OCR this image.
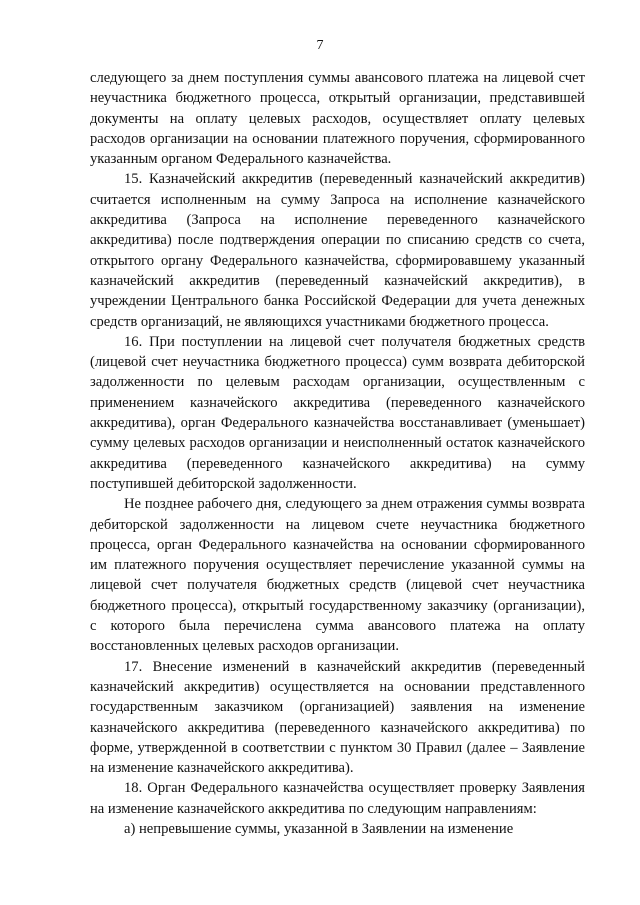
7

следующего за днем поступления суммы авансового платежа на лицевой счет неучастника бюджетного процесса, открытый организации, представившей документы на оплату целевых расходов, осуществляет оплату целевых расходов организации на основании платежного поручения, сформированного указанным органом Федерального казначейства.

15. Казначейский аккредитив (переведенный казначейский аккредитив) считается исполненным на сумму Запроса на исполнение казначейского аккредитива (Запроса на исполнение переведенного казначейского аккредитива) после подтверждения операции по списанию средств со счета, открытого органу Федерального казначейства, сформировавшему указанный казначейский аккредитив (переведенный казначейский аккредитив), в учреждении Центрального банка Российской Федерации для учета денежных средств организаций, не являющихся участниками бюджетного процесса.

16. При поступлении на лицевой счет получателя бюджетных средств (лицевой счет неучастника бюджетного процесса) сумм возврата дебиторской задолженности по целевым расходам организации, осуществленным с применением казначейского аккредитива (переведенного казначейского аккредитива), орган Федерального казначейства восстанавливает (уменьшает) сумму целевых расходов организации и неисполненный остаток казначейского аккредитива (переведенного казначейского аккредитива) на сумму поступившей дебиторской задолженности.

Не позднее рабочего дня, следующего за днем отражения суммы возврата дебиторской задолженности на лицевом счете неучастника бюджетного процесса, орган Федерального казначейства на основании сформированного им платежного поручения осуществляет перечисление указанной суммы на лицевой счет получателя бюджетных средств (лицевой счет неучастника бюджетного процесса), открытый государственному заказчику (организации), с которого была перечислена сумма авансового платежа на оплату восстановленных целевых расходов организации.

17. Внесение изменений в казначейский аккредитив (переведенный казначейский аккредитив) осуществляется на основании представленного государственным заказчиком (организацией) заявления на изменение казначейского аккредитива (переведенного казначейского аккредитива) по форме, утвержденной в соответствии с пунктом 30 Правил (далее – Заявление на изменение казначейского аккредитива).

18. Орган Федерального казначейства осуществляет проверку Заявления на изменение казначейского аккредитива по следующим направлениям:

а) непревышение суммы, указанной в Заявлении на изменение
